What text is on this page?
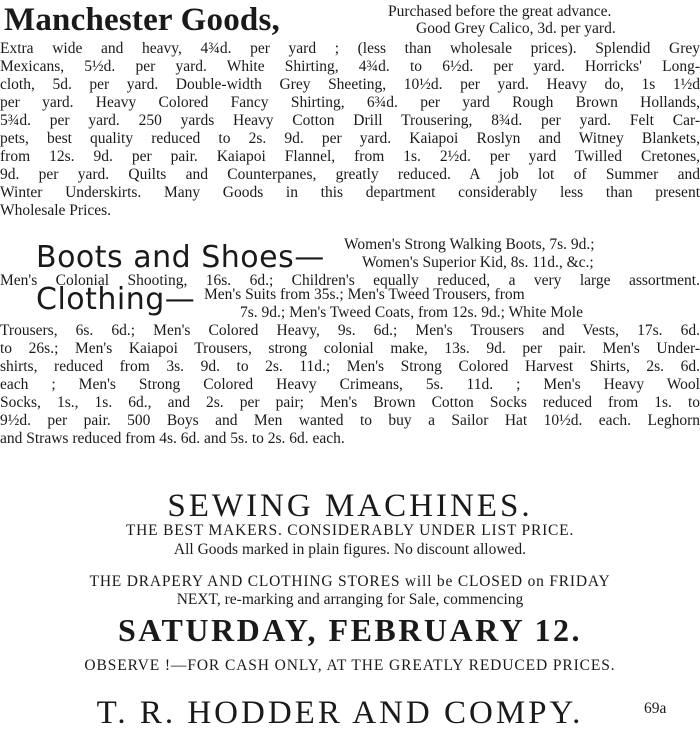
Manchester Goods,	Purchased before the great advance.
Good Grey Calico, 3d. per yard.
Extra wide and heavy, 4¾d. per yard ; (less than wholesale prices). Splendid Grey
Mexicans, 5½d. per yard. White Shirting, 4¾d. to 6½d. per yard. Horricks' Long-
cloth, 5d. per yard. Double-width Grey Sheeting, 10½d. per yard. Heavy do, 1s 1½d
per yard. Heavy Colored Fancy Shirting, 6¾d. per yard Rough Brown Hollands,
5¾d. per yard. 250 yards Heavy Cotton Drill Trousering, 8¾d. per yard. Felt Car-
pets, best quality reduced to 2s. 9d. per yard. Kaiapoi Roslyn and Witney Blankets,
from 12s. 9d. per pair. Kaiapoi Flannel, from 1s. 2½d. per yard Twilled Cretones,
9d. per yard. Quilts and Counterpanes, greatly reduced. A job lot of Summer and
Winter Underskirts. Many Goods in this department considerably less than present
Wholesale Prices.
Boots and Shoes— Women's Strong Walking Boots, 7s. 9d.;
Women's Superior Kid, 8s. 11d., &c.;
Men's Colonial Shooting, 16s. 6d.; Children's equally reduced, a very large assortment.
Clothing— Men's Suits from 35s.; Men's Tweed Trousers, from
7s. 9d.; Men's Tweed Coats, from 12s. 9d.; White Mole
Trousers, 6s. 6d.; Men's Colored Heavy, 9s. 6d.; Men's Trousers and Vests, 17s. 6d.
to 26s.; Men's Kaiapoi Trousers, strong colonial make, 13s. 9d. per pair. Men's Under-
shirts, reduced from 3s. 9d. to 2s. 11d.; Men's Strong Colored Harvest Shirts, 2s. 6d.
each ; Men's Strong Colored Heavy Crimeans, 5s. 11d. ; Men's Heavy Wool
Socks, 1s., 1s. 6d., and 2s. per pair; Men's Brown Cotton Socks reduced from 1s. to
9½d. per pair. 500 Boys and Men wanted to buy a Sailor Hat 10½d. each. Leghorn
and Straws reduced from 4s. 6d. and 5s. to 2s. 6d. each.
SEWING MACHINES.
THE BEST MAKERS. CONSIDERABLY UNDER LIST PRICE.
All Goods marked in plain figures. No discount allowed.
THE DRAPERY AND CLOTHING STORES will be CLOSED on FRIDAY
NEXT, re-marking and arranging for Sale, commencing
SATURDAY, FEBRUARY 12.
OBSERVE !—FOR CASH ONLY, AT THE GREATLY REDUCED PRICES.
T. R. HODDER AND COMPY.	69a
